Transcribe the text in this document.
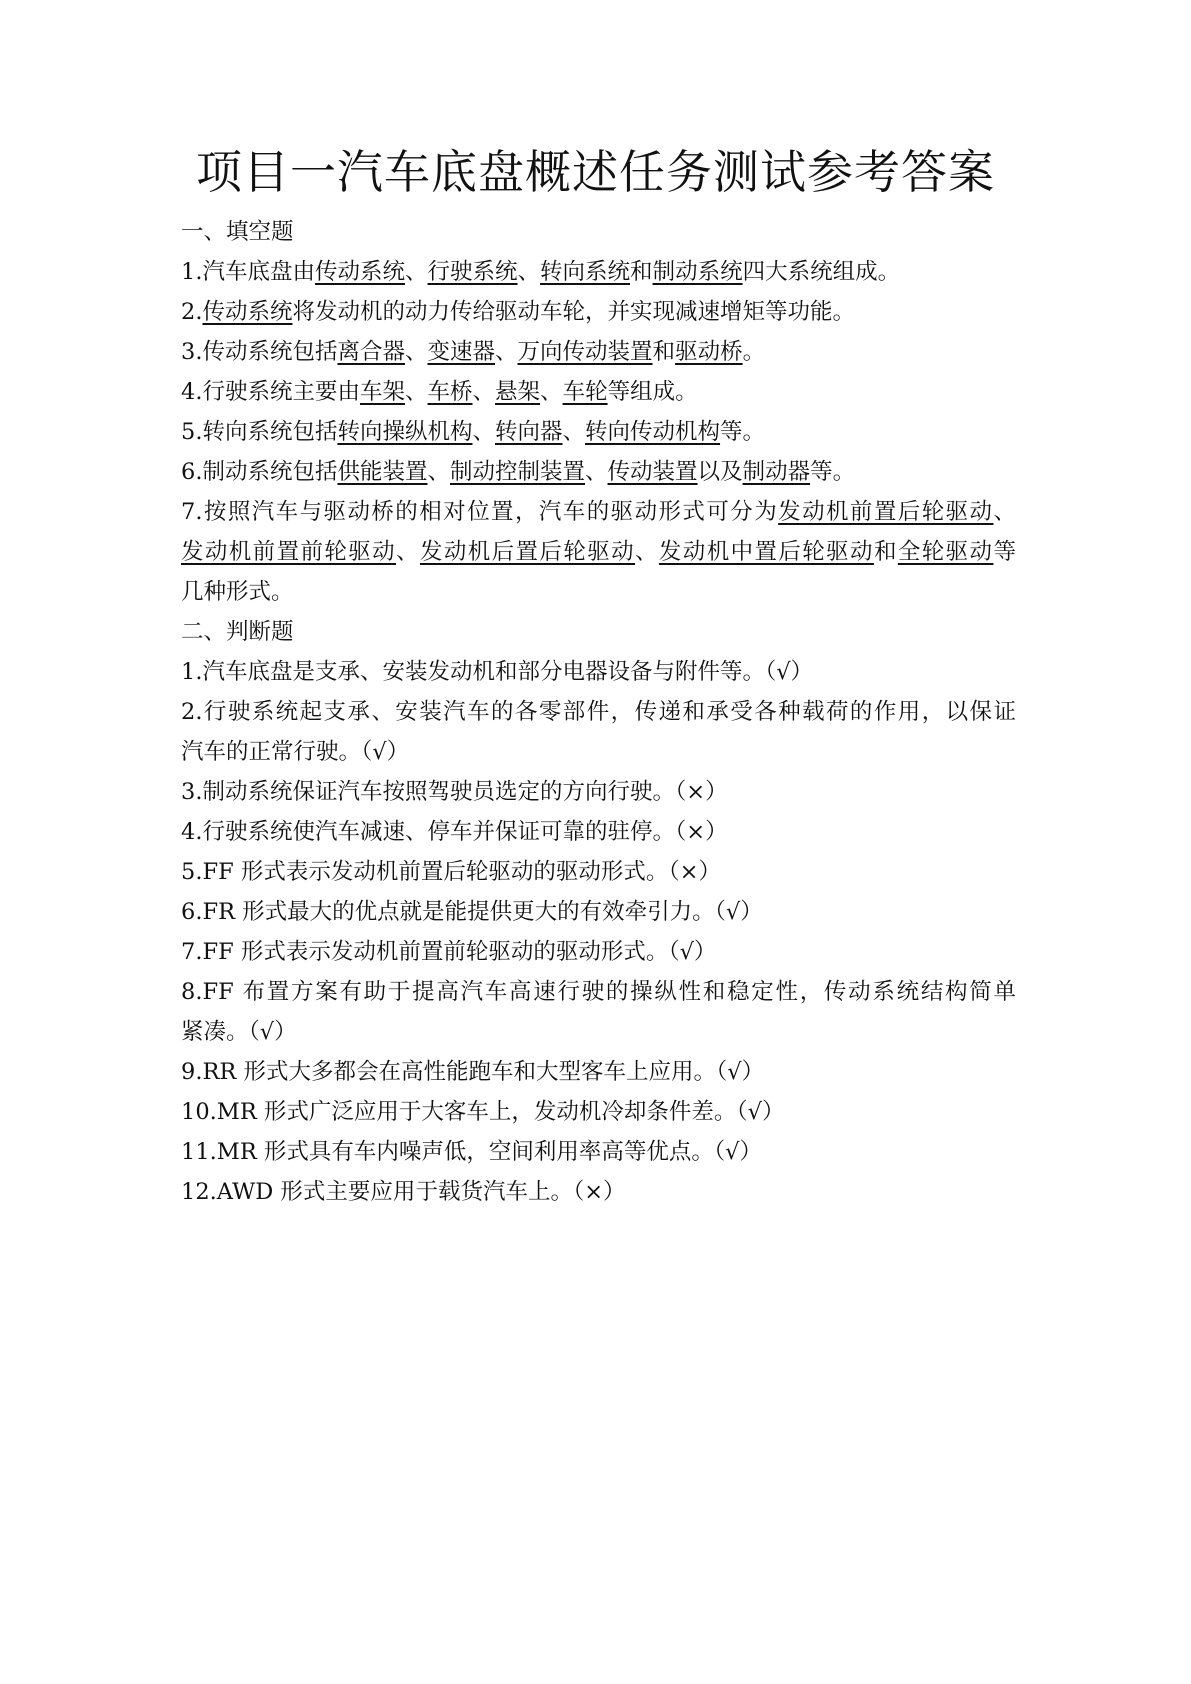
项目一汽车底盘概述任务测试参考答案
一、填空题
1.汽车底盘由传动系统、行驶系统、转向系统和制动系统四大系统组成。
2.传动系统将发动机的动力传给驱动车轮，并实现减速增矩等功能。
3.传动系统包括离合器、变速器、万向传动装置和驱动桥。
4.行驶系统主要由车架、车桥、悬架、车轮等组成。
5.转向系统包括转向操纵机构、转向器、转向传动机构等。
6.制动系统包括供能装置、制动控制装置、传动装置以及制动器等。
7.按照汽车与驱动桥的相对位置，汽车的驱动形式可分为发动机前置后轮驱动、
发动机前置前轮驱动、发动机后置后轮驱动、发动机中置后轮驱动和全轮驱动等
几种形式。
二、判断题
1.汽车底盘是支承、安装发动机和部分电器设备与附件等。（√）
2.行驶系统起支承、安装汽车的各零部件，传递和承受各种载荷的作用，以保证
汽车的正常行驶。（√）
3.制动系统保证汽车按照驾驶员选定的方向行驶。（×）
4.行驶系统使汽车减速、停车并保证可靠的驻停。（×）
5.FF 形式表示发动机前置后轮驱动的驱动形式。（×）
6.FR 形式最大的优点就是能提供更大的有效牵引力。（√）
7.FF 形式表示发动机前置前轮驱动的驱动形式。（√）
8.FF 布置方案有助于提高汽车高速行驶的操纵性和稳定性，传动系统结构简单
紧凑。（√）
9.RR 形式大多都会在高性能跑车和大型客车上应用。（√）
10.MR 形式广泛应用于大客车上，发动机冷却条件差。（√）
11.MR 形式具有车内噪声低，空间利用率高等优点。（√）
12.AWD 形式主要应用于载货汽车上。（×）
